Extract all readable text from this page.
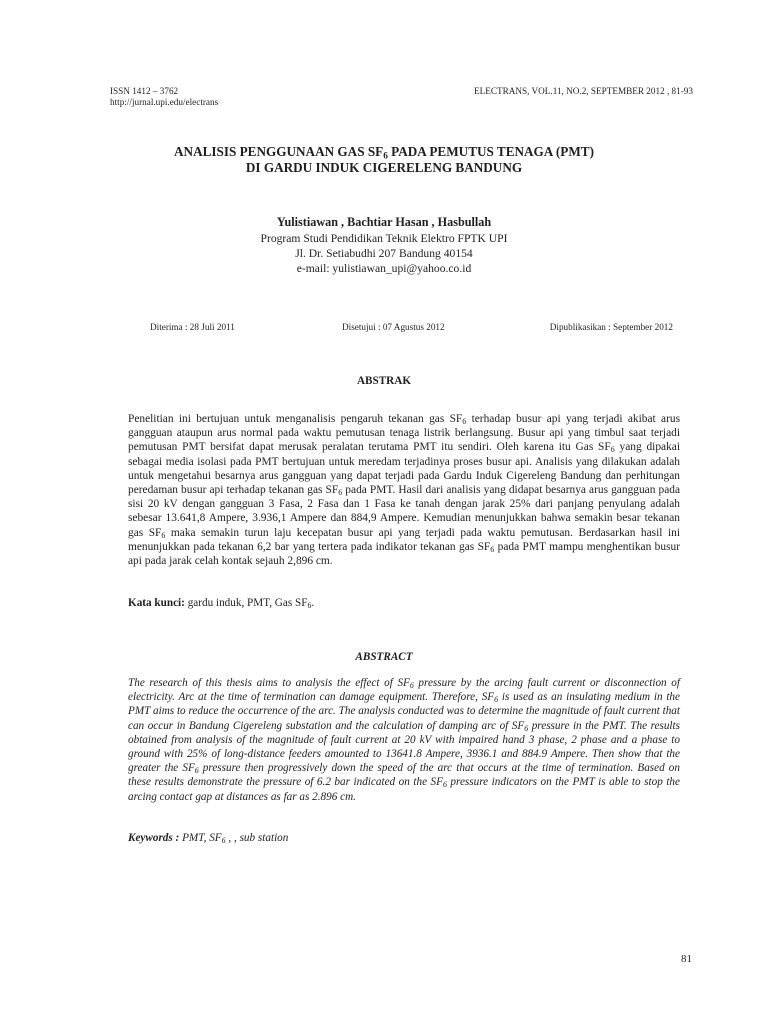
ISSN 1412 – 3762
http://jurnal.upi.edu/electrans
ELECTRANS, VOL.11, NO.2, SEPTEMBER 2012 , 81-93
ANALISIS PENGGUNAAN GAS $SF_6$ PADA PEMUTUS TENAGA (PMT)
DI GARDU INDUK CIGERELENG BANDUNG
Yulistiawan , Bachtiar Hasan , Hasbullah
Program Studi Pendidikan Teknik Elektro FPTK UPI
Jl. Dr. Setiabudhi 207 Bandung 40154
e-mail: yulistiawan_upi@yahoo.co.id
Diterima : 28 Juli 2011	Disetujui : 07 Agustus 2012	Dipublikasikan : September 2012
ABSTRAK
Penelitian ini bertujuan untuk menganalisis pengaruh tekanan gas $SF_6$ terhadap busur api yang terjadi akibat arus gangguan ataupun arus normal pada waktu pemutusan tenaga listrik berlangsung. Busur api yang timbul saat terjadi pemutusan PMT bersifat dapat merusak peralatan terutama PMT itu sendiri. Oleh karena itu Gas $SF_6$ yang dipakai sebagai media isolasi pada PMT bertujuan untuk meredam terjadinya proses busur api. Analisis yang dilakukan adalah untuk mengetahui besarnya arus gangguan yang dapat terjadi pada Gardu Induk Cigereleng Bandung dan perhitungan peredaman busur api terhadap tekanan gas $SF_6$ pada PMT. Hasil dari analisis yang didapat besarnya arus gangguan pada sisi 20 kV dengan gangguan 3 Fasa, 2 Fasa dan 1 Fasa ke tanah dengan jarak 25% dari panjang penyulang adalah sebesar 13.641,8 Ampere, 3.936,1 Ampere dan 884,9 Ampere. Kemudian menunjukkan bahwa semakin besar tekanan gas $SF_6$ maka semakin turun laju kecepatan busur api yang terjadi pada waktu pemutusan. Berdasarkan hasil ini menunjukkan pada tekanan 6,2 bar yang tertera pada indikator tekanan gas $SF_6$ pada PMT mampu menghentikan busur api pada jarak celah kontak sejauh 2,896 cm.
Kata kunci: gardu induk, PMT, Gas $SF_6$.
ABSTRACT
The research of this thesis aims to analysis the effect of $SF_6$ pressure by the arcing fault current or disconnection of electricity. Arc at the time of termination can damage equipment. Therefore, $SF_6$ is used as an insulating medium in the PMT aims to reduce the occurrence of the arc. The analysis conducted was to determine the magnitude of fault current that can occur in Bandung Cigereleng substation and the calculation of damping arc of $SF_6$ pressure in the PMT. The results obtained from analysis of the magnitude of fault current at 20 kV with impaired hand 3 phase, 2 phase and a phase to ground with 25% of long-distance feeders amounted to 13641.8 Ampere, 3936.1 and 884.9 Ampere. Then show that the greater the $SF_6$ pressure then progressively down the speed of the arc that occurs at the time of termination. Based on these results demonstrate the pressure of 6.2 bar indicated on the $SF_6$ pressure indicators on the PMT is able to stop the arcing contact gap at distances as far as 2.896 cm.
Keywords : PMT, $SF_6$ , , sub station
81
